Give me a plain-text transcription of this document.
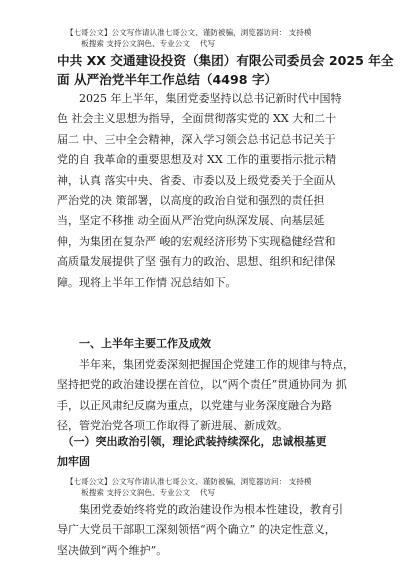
【七哥公文】公文写作请认准七哥公文、谨防被骗，浏览器访问： 支持模
　　板搜索 支持公文润色、专业公文　 代写
中共 XX 交通建设投资（集团）有限公司委员会 2025 年全
面 从严治党半年工作总结（4498 字）
　　2025 年上半年，集团党委坚持以总书记新时代中国特
色 社会主义思想为指导，全面贯彻落实党的 XX 大和二十
届二 中、三中全会精神，深入学习领会总书记总书记关于
党的自 我革命的重要思想及对 XX 工作的重要指示批示精
神，认真 落实中央、省委、市委以及上级党委关于全面从
严治党的决 策部署，以高度的政治自觉和强烈的责任担
当，坚定不移推 动全面从严治党向纵深发展、向基层延
伸，为集团在复杂严 峻的宏观经济形势下实现稳健经营和
高质量发展提供了坚 强有力的政治、思想、组织和纪律保
障。现将上半年工作情 况总结如下。
　　一、上半年主要工作及成效
　　半年来，集团党委深刻把握国企党建工作的规律与特点，
坚持把党的政治建设摆在首位，以“两个责任”贯通协同为 抓
手，以正风肃纪反腐为重点，以党建与业务深度融合为路
径，管党治党各项工作取得了新进展、新成效。
　（一）突出政治引领，理论武装持续深化，忠诚根基更
加牢固
【七哥公文】公文写作请认准七哥公文、谨防被骗，浏览器访问： 支持模
　　板搜索 支持公文润色、专业公文　 代写
　　集团党委始终将党的政治建设作为根本性建设，教育引
导广大党员干部职工深刻领悟“两个确立” 的决定性意义，
坚决做到“两个维护”。
